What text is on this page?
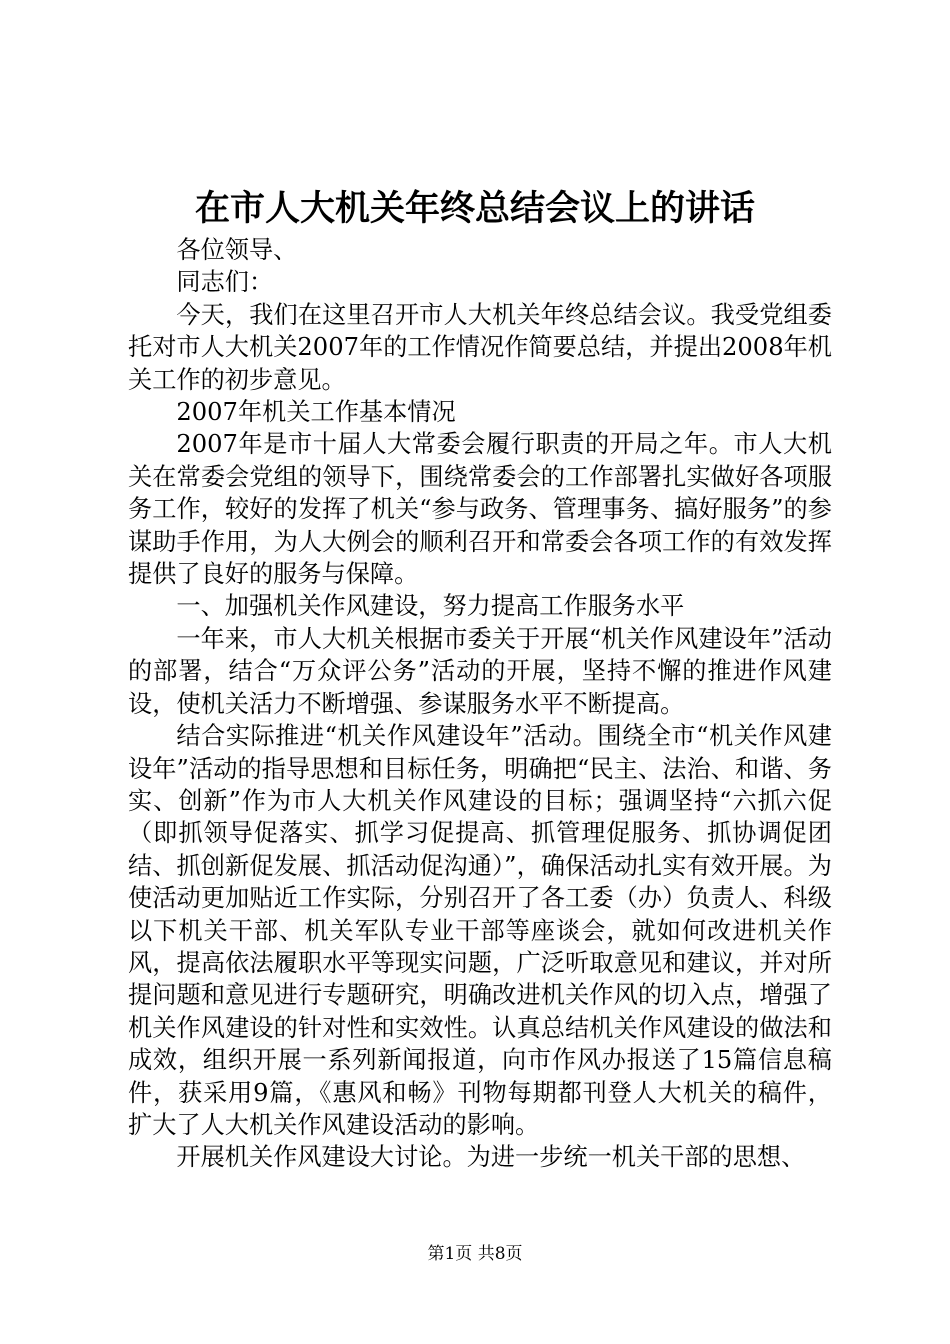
在市人大机关年终总结会议上的讲话

各位领导、

同志们：

今天，我们在这里召开市人大机关年终总结会议。我受党组委托对市人大机关2007年的工作情况作简要总结，并提出2008年机关工作的初步意见。

2007年机关工作基本情况

2007年是市十届人大常委会履行职责的开局之年。市人大机关在常委会党组的领导下，围绕常委会的工作部署扎实做好各项服务工作，较好的发挥了机关“参与政务、管理事务、搞好服务”的参谋助手作用，为人大例会的顺利召开和常委会各项工作的有效发挥提供了良好的服务与保障。

一、加强机关作风建设，努力提高工作服务水平

一年来，市人大机关根据市委关于开展“机关作风建设年”活动的部署，结合“万众评公务”活动的开展，坚持不懈的推进作风建设，使机关活力不断增强、参谋服务水平不断提高。

结合实际推进“机关作风建设年”活动。围绕全市“机关作风建设年”活动的指导思想和目标任务，明确把“民主、法治、和谐、务实、创新”作为市人大机关作风建设的目标；强调坚持“六抓六促（即抓领导促落实、抓学习促提高、抓管理促服务、抓协调促团结、抓创新促发展、抓活动促沟通）”，确保活动扎实有效开展。为使活动更加贴近工作实际，分别召开了各工委（办）负责人、科级以下机关干部、机关军队专业干部等座谈会，就如何改进机关作风，提高依法履职水平等现实问题，广泛听取意见和建议，并对所提问题和意见进行专题研究，明确改进机关作风的切入点，增强了机关作风建设的针对性和实效性。认真总结机关作风建设的做法和成效，组织开展一系列新闻报道，向市作风办报送了15篇信息稿件，获采用9篇，《惠风和畅》刊物每期都刊登人大机关的稿件，扩大了人大机关作风建设活动的影响。

开展机关作风建设大讨论。为进一步统一机关干部的思想、

第1页 共8页
